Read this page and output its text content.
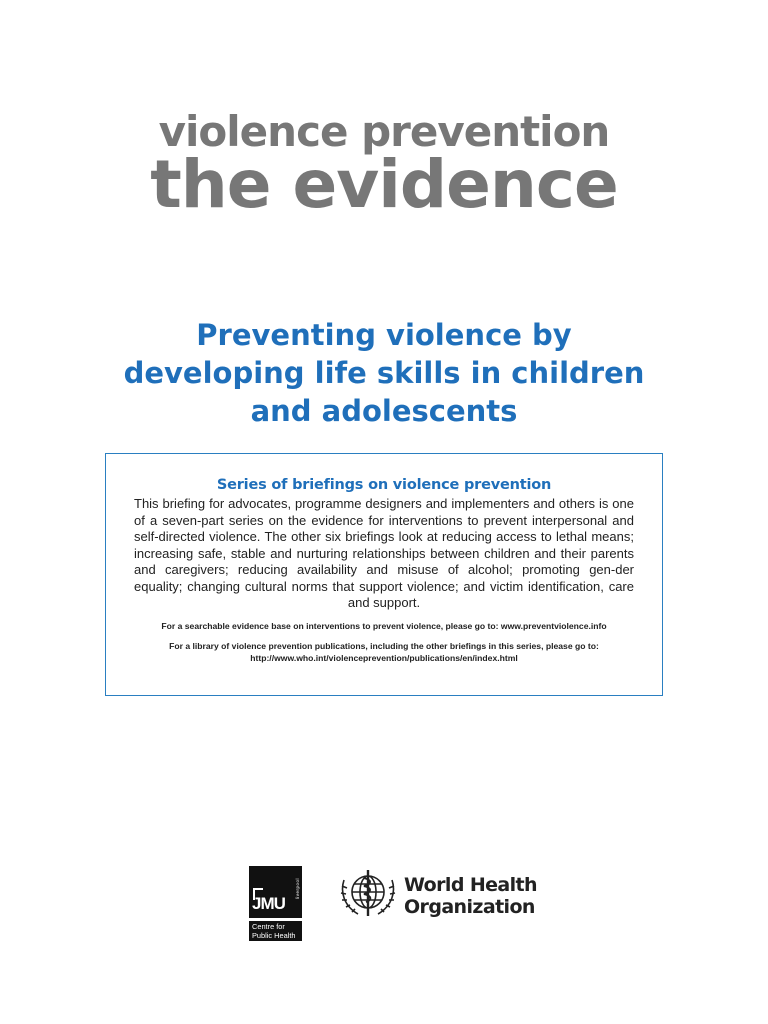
violence prevention
the evidence
Preventing violence by
developing life skills in children
and adolescents
Series of briefings on violence prevention
This briefing for advocates, programme designers and implementers and others is one of a seven-part series on the evidence for interventions to prevent interpersonal and self-directed violence. The other six briefings look at reducing access to lethal means; increasing safe, stable and nurturing relationships between children and their parents and caregivers; reducing availability and misuse of alcohol; promoting gen-der equality; changing cultural norms that support violence; and victim identification, care and support.
For a searchable evidence base on interventions to prevent violence, please go to: www.preventviolence.info
For a library of violence prevention publications, including the other briefings in this series, please go to:
http://www.who.int/violenceprevention/publications/en/index.html
liverpool
JMU
Centre for
Public Health
World Health
Organization
